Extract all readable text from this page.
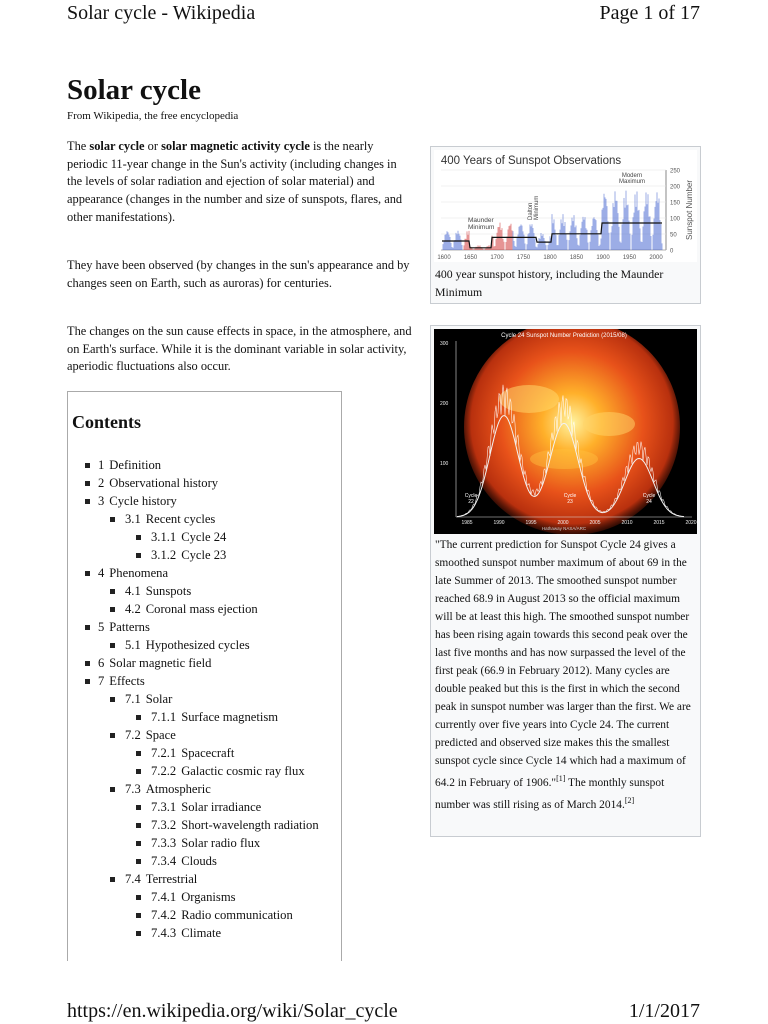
Solar cycle - Wikipedia	Page 1 of 17
Solar cycle
From Wikipedia, the free encyclopedia

The solar cycle or solar magnetic activity cycle is the nearly periodic 11-year change in the Sun's activity (including changes in the levels of solar radiation and ejection of solar material) and appearance (changes in the number and size of sunspots, flares, and other manifestations).

They have been observed (by changes in the sun's appearance and by changes seen on Earth, such as auroras) for centuries.

The changes on the sun cause effects in space, in the atmosphere, and on Earth's surface. While it is the dominant variable in solar activity, aperiodic fluctuations also occur.

Contents
1 Definition
2 Observational history
3 Cycle history
3.1 Recent cycles
3.1.1 Cycle 24
3.1.2 Cycle 23
4 Phenomena
4.1 Sunspots
4.2 Coronal mass ejection
5 Patterns
5.1 Hypothesized cycles
6 Solar magnetic field
7 Effects
7.1 Solar
7.1.1 Surface magnetism
7.2 Space
7.2.1 Spacecraft
7.2.2 Galactic cosmic ray flux
7.3 Atmospheric
7.3.1 Solar irradiance
7.3.2 Short-wavelength radiation
7.3.3 Solar radio flux
7.3.4 Clouds
7.4 Terrestrial
7.4.1 Organisms
7.4.2 Radio communication
7.4.3 Climate
400 Years of Sunspot Observations
250
200
150
100
50
0
1600 1650 1700 1750 1800 1850 1900 1950 2000
Sunspot Number
Maunder Minimum
DaltonMinimum
Modern Maximum
400 year sunspot history, including the Maunder Minimum
Cycle 24 Sunspot Number Prediction (2015/08)
300
200
100
1985	1990	1995	2000	2005	2010	2015	2020
Cycle 22
Cycle 23
Cycle 24
Hathaway NASA/ARC
"The current prediction for Sunspot Cycle 24 gives a smoothed sunspot number maximum of about 69 in the late Summer of 2013. The smoothed sunspot number reached 68.9 in August 2013 so the official maximum will be at least this high. The smoothed sunspot number has been rising again towards this second peak over the last five months and has now surpassed the level of the first peak (66.9 in February 2012). Many cycles are double peaked but this is the first in which the second peak in sunspot number was larger than the first. We are currently over five years into Cycle 24. The current predicted and observed size makes this the smallest sunspot cycle since Cycle 14 which had a maximum of 64.2 in February of 1906."[1] The monthly sunspot number was still rising as of March 2014.[2]
https://en.wikipedia.org/wiki/Solar_cycle	1/1/2017
